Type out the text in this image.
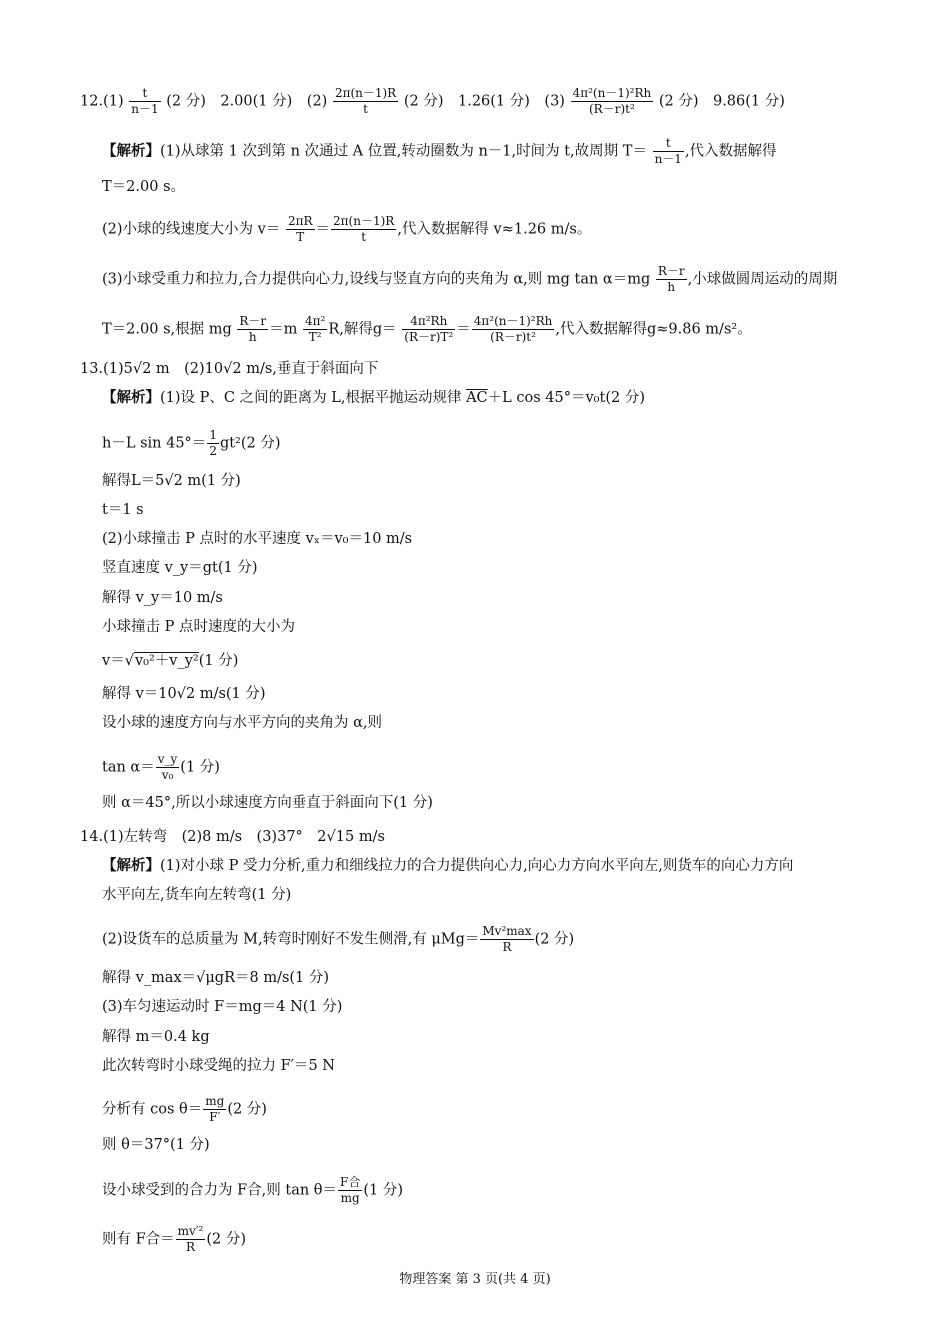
$12.(1) \frac{t}{n-1} (2$ 分)　2.00(1 分)　$(2) \frac{2\pi(n-1)R}{t} (2$ 分)　1.26(1 分)　$(3) \frac{\text{4π²(n－1)²Rh}}{\text{(R－r)t²}} (2$ 分)　9.86(1 分)
【解析】(1)从球第 1 次到第 n 次通过 A 位置,转动圈数为 n－1,时间为 t,故周期 $T= \frac{t}{n-1}$ ,代入数据解得
T＝2.00 s。
(2)小球的线速度大小为 $v= \frac{2\pi R}{T} = \frac{2\pi(n-1)R}{t}$ ,代入数据解得 v≈1.26 m/s。
(3)小球受重力和拉力,合力提供向心力,设线与竖直方向的夹角为 α,则 mg $\tan \alpha=mg \frac{R-r}{h}$ ,小球做圆周运动的周期
T＝2.00 s,根据 mg $\frac{R-r}{h} =m \frac{\text{4π²}}{\text{T²}} R$,解得$g= \frac{\text{4π²Rh}}{\text{(R－r)T²}} = \frac{\text{4π²(n－1)²Rh}}{\text{(R－r)t²}}$ ,代入数据解得g≈9.86 m/s²。
13.(1)5√2 m　(2)10√2 m/s,垂直于斜面向下
【解析】(1)设 P、C 之间的距离为 L,根据平抛运动规律 $\overline{AC}+L$ cos 45°＝v₀t(2 分)
h－L $\sin 45^\circ= \frac{1}{2} gt^2(2$ 分)
解得L＝5√2 m(1 分)
t＝1 s
(2)小球撞击 P 点时的水平速度 vₓ＝v₀＝10 m/s
竖直速度 v_y＝gt(1 分)
解得 v_y＝10 m/s
小球撞击 P 点时速度的大小为
v＝√v₀²＋v_y²(1 分)
解得 v＝10√2 m/s(1 分)
设小球的速度方向与水平方向的夹角为 α,则
$\tan \alpha= \frac{v\_y}{\text{v₀}} (1$ 分)
则 α＝45°,所以小球速度方向垂直于斜面向下(1 分)
14.(1)左转弯　(2)8 m/s　(3)37°　2√15 m/s
【解析】(1)对小球 P 受力分析,重力和细线拉力的合力提供向心力,向心力方向水平向左,则货车的向心力方向
水平向左,货车向左转弯(1 分)
(2)设货车的总质量为 M,转弯时刚好不发生侧滑,有 μMg＝
Mv²max
R	(2 分)
解得 v_max＝√μgR＝8 m/s(1 分)
(3)车匀速运动时 F＝mg＝4 N(1 分)
解得 m＝0.4 kg
此次转弯时小球受绳的拉力 F′＝5 N
分析有 $\cos \theta= \frac{mg}{F'} (2$ 分)
则 θ＝37°(1 分)
设小球受到的合力为 F合,则 tan θ＝
F合
mg (1 分)
则有 F合＝ $\frac{\text{mv′²}}{R} (2$ 分)
物理答案 第 3 页(共 4 页)
